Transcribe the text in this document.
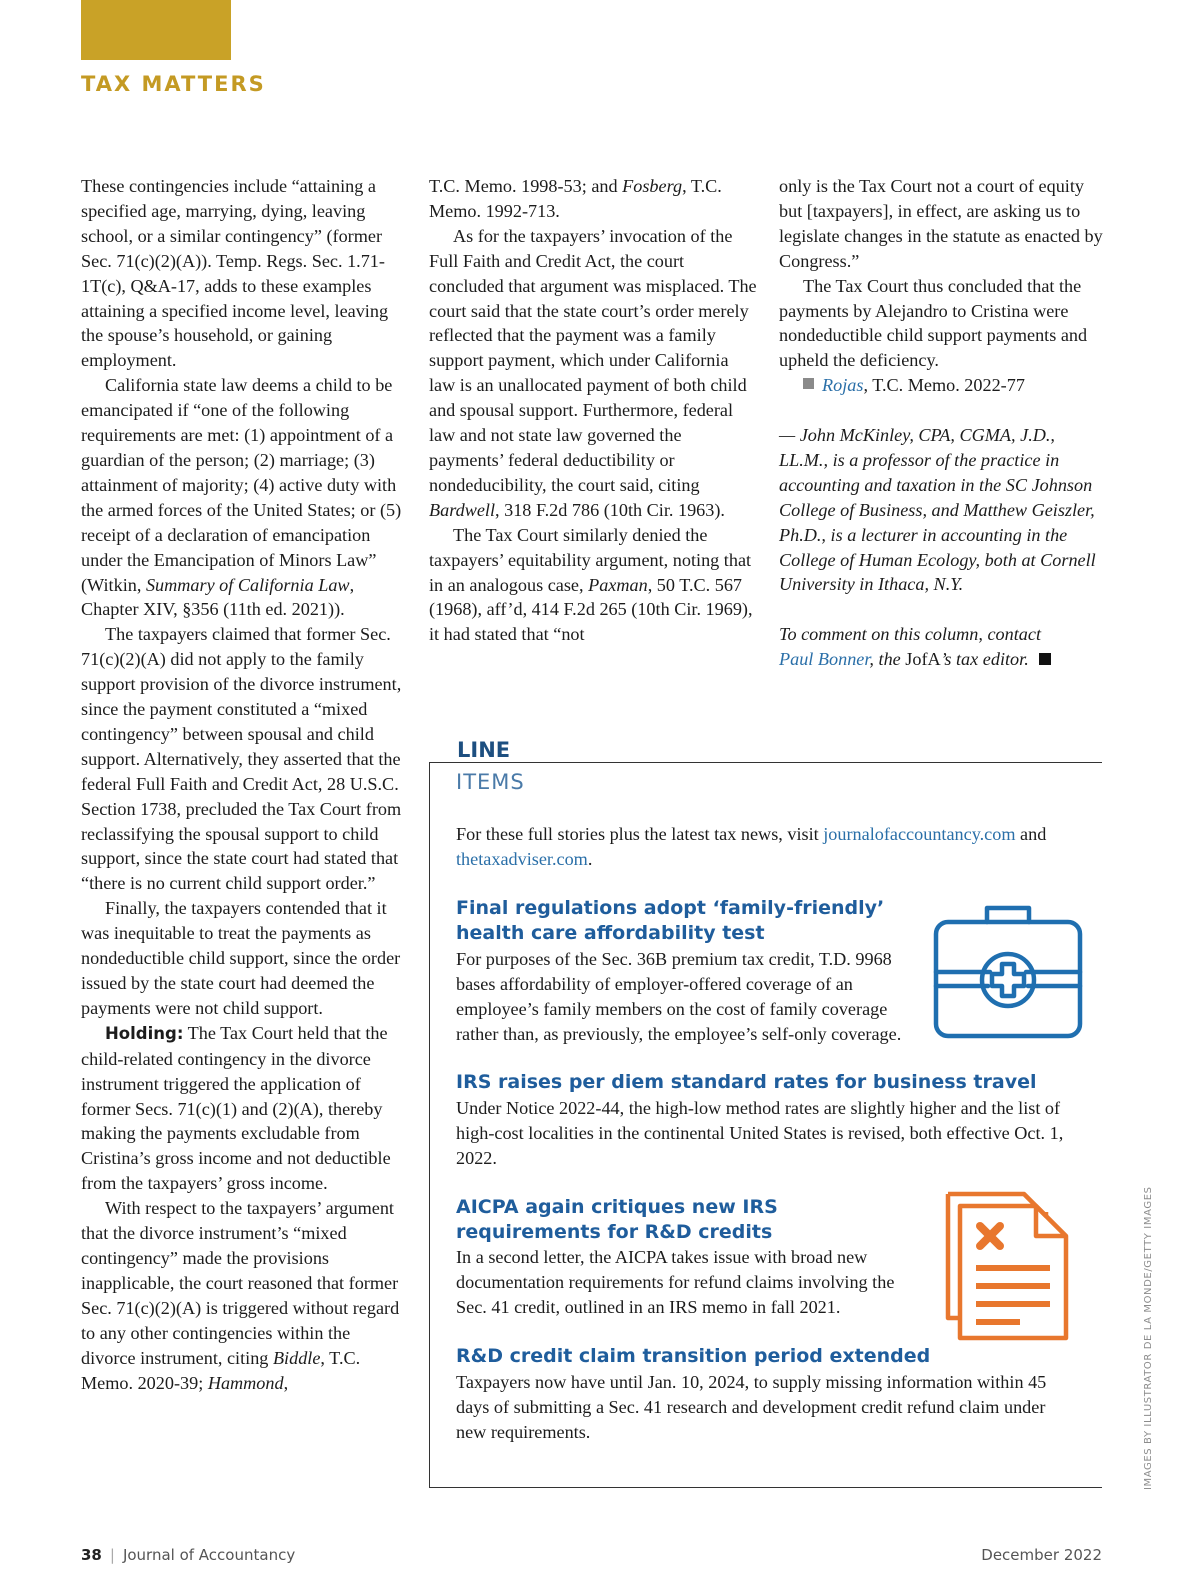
TAX MATTERS

These contingencies include “attaining a specified age, marrying, dying, leaving school, or a similar contingency” (former Sec. 71(c)(2)(A)). Temp. Regs. Sec. 1.71-1T(c), Q&A-17, adds to these examples attaining a specified income level, leaving the spouse’s household, or gaining employment.

California state law deems a child to be emancipated if “one of the following requirements are met: (1) appointment of a guardian of the person; (2) marriage; (3) attainment of majority; (4) active duty with the armed forces of the United States; or (5) receipt of a declaration of emancipation under the Emancipation of Minors Law” (Witkin, Summary of California Law, Chapter XIV, §356 (11th ed. 2021)).

The taxpayers claimed that former Sec. 71(c)(2)(A) did not apply to the family support provision of the divorce instrument, since the payment constituted a “mixed contingency” between spousal and child support. Alternatively, they asserted that the federal Full Faith and Credit Act, 28 U.S.C. Section 1738, precluded the Tax Court from reclassifying the spousal support to child support, since the state court had stated that “there is no current child support order.”

Finally, the taxpayers contended that it was inequitable to treat the payments as nondeductible child support, since the order issued by the state court had deemed the payments were not child support.

Holding: The Tax Court held that the child-related contingency in the divorce instrument triggered the application of former Secs. 71(c)(1) and (2)(A), thereby making the payments excludable from Cristina’s gross income and not deductible from the taxpayers’ gross income.

With respect to the taxpayers’ argument that the divorce instrument’s “mixed contingency” made the provisions inapplicable, the court reasoned that former Sec. 71(c)(2)(A) is triggered without regard to any other contingencies within the divorce instrument, citing Biddle, T.C. Memo. 2020-39; Hammond,

T.C. Memo. 1998-53; and Fosberg, T.C. Memo. 1992-713.

As for the taxpayers’ invocation of the Full Faith and Credit Act, the court concluded that argument was misplaced. The court said that the state court’s order merely reflected that the payment was a family support payment, which under California law is an unallocated payment of both child and spousal support. Furthermore, federal law and not state law governed the payments’ federal deductibility or nondeducibility, the court said, citing Bardwell, 318 F.2d 786 (10th Cir. 1963).

The Tax Court similarly denied the taxpayers’ equitability argument, noting that in an analogous case, Paxman, 50 T.C. 567 (1968), aff’d, 414 F.2d 265 (10th Cir. 1969), it had stated that “not

only is the Tax Court not a court of equity but [taxpayers], in effect, are asking us to legislate changes in the statute as enacted by Congress.”

The Tax Court thus concluded that the payments by Alejandro to Cristina were nondeductible child support payments and upheld the deficiency.

Rojas, T.C. Memo. 2022-77

— John McKinley, CPA, CGMA, J.D., LL.M., is a professor of the practice in accounting and taxation in the SC Johnson College of Business, and Matthew Geiszler, Ph.D., is a lecturer in accounting in the College of Human Ecology, both at Cornell University in Ithaca, N.Y.

To comment on this column, contact
Paul Bonner, the JofA’s tax editor.

LINE
ITEMS
For these full stories plus the latest tax news, visit journalofaccountancy.com and
thetaxadviser.com.
Final regulations adopt ‘family-friendly’ health care affordability test
For purposes of the Sec. 36B premium tax credit, T.D. 9968 bases affordability of employer-offered coverage of an employee’s family members on the cost of family coverage rather than, as previously, the employee’s self-only coverage.
IRS raises per diem standard rates for business travel
Under Notice 2022-44, the high-low method rates are slightly higher and the list of high-cost localities in the continental United States is revised, both effective Oct. 1, 2022.
AICPA again critiques new IRS requirements for R&D credits
In a second letter, the AICPA takes issue with broad new documentation requirements for refund claims involving the Sec. 41 credit, outlined in an IRS memo in fall 2021.
R&D credit claim transition period extended
Taxpayers now have until Jan. 10, 2024, to supply missing information within 45 days of submitting a Sec. 41 research and development credit refund claim under new requirements.	IMAGES BY ILLUSTRATOR DE LA MONDE/GETTY IMAGES
38 | Journal of Accountancy	December 2022
